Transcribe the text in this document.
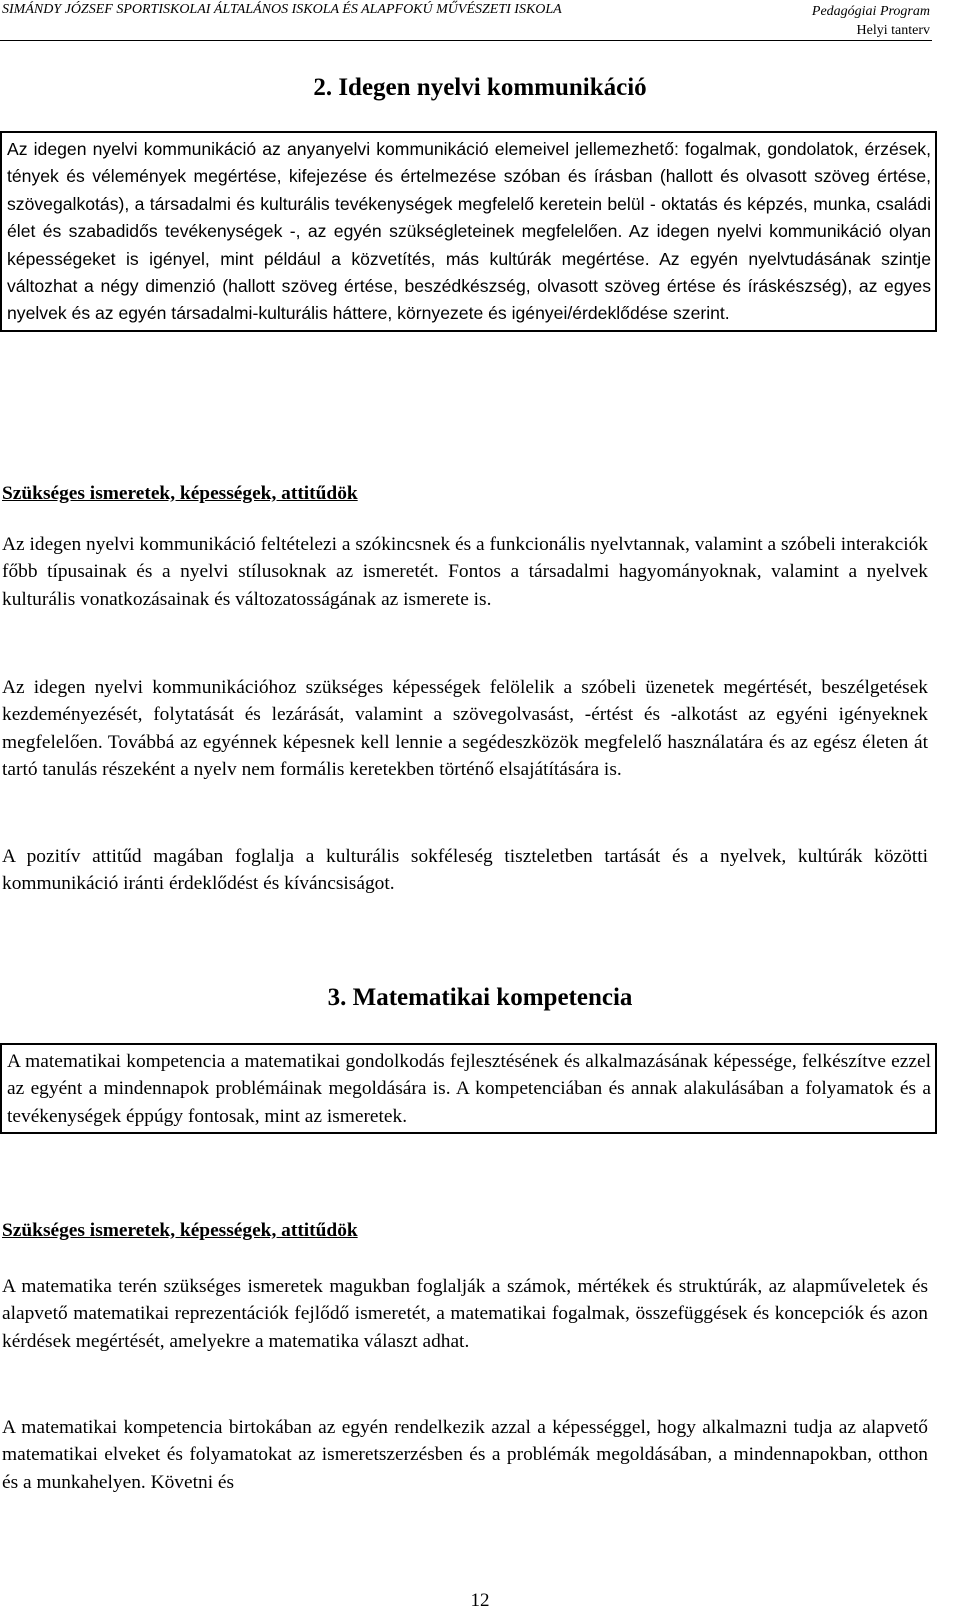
SIMÁNDY JÓZSEF SPORTISKOLAI ÁLTALÁNOS ISKOLA ÉS ALAPFOKÚ MŰVÉSZETI ISKOLA	Pedagógiai Program
Helyi tanterv
2. Idegen nyelvi kommunikáció
Az idegen nyelvi kommunikáció az anyanyelvi kommunikáció elemeivel jellemezhető: fogalmak, gondolatok, érzések, tények és vélemények megértése, kifejezése és értelmezése szóban és írásban (hallott és olvasott szöveg értése, szövegalkotás), a társadalmi és kulturális tevékenységek megfelelő keretein belül - oktatás és képzés, munka, családi élet és szabadidős tevékenységek -, az egyén szükségleteinek megfelelően. Az idegen nyelvi kommunikáció olyan képességeket is igényel, mint például a közvetítés, más kultúrák megértése. Az egyén nyelvtudásának szintje változhat a négy dimenzió (hallott szöveg értése, beszédkészség, olvasott szöveg értése és íráskészség), az egyes nyelvek és az egyén társadalmi-kulturális háttere, környezete és igényei/érdeklődése szerint.
Szükséges ismeretek, képességek, attitűdök
Az idegen nyelvi kommunikáció feltételezi a szókincsnek és a funkcionális nyelvtannak, valamint a szóbeli interakciók főbb típusainak és a nyelvi stílusoknak az ismeretét. Fontos a társadalmi hagyományoknak, valamint a nyelvek kulturális vonatkozásainak és változatosságának az ismerete is.
Az idegen nyelvi kommunikációhoz szükséges képességek felölelik a szóbeli üzenetek megértését, beszélgetések kezdeményezését, folytatását és lezárását, valamint a szövegolvasást, -értést és -alkotást az egyéni igényeknek megfelelően. Továbbá az egyénnek képesnek kell lennie a segédeszközök megfelelő használatára és az egész életen át tartó tanulás részeként a nyelv nem formális keretekben történő elsajátítására is.
A pozitív attitűd magában foglalja a kulturális sokféleség tiszteletben tartását és a nyelvek, kultúrák közötti kommunikáció iránti érdeklődést és kíváncsiságot.
3. Matematikai kompetencia
A matematikai kompetencia a matematikai gondolkodás fejlesztésének és alkalmazásának képessége, felkészítve ezzel az egyént a mindennapok problémáinak megoldására is. A kompetenciában és annak alakulásában a folyamatok és a tevékenységek éppúgy fontosak, mint az ismeretek.
Szükséges ismeretek, képességek, attitűdök
A matematika terén szükséges ismeretek magukban foglalják a számok, mértékek és struktúrák, az alapműveletek és alapvető matematikai reprezentációk fejlődő ismeretét, a matematikai fogalmak, összefüggések és koncepciók és azon kérdések megértését, amelyekre a matematika választ adhat.
A matematikai kompetencia birtokában az egyén rendelkezik azzal a képességgel, hogy alkalmazni tudja az alapvető matematikai elveket és folyamatokat az ismeretszerzésben és a problémák megoldásában, a mindennapokban, otthon és a munkahelyen. Követni és
12
